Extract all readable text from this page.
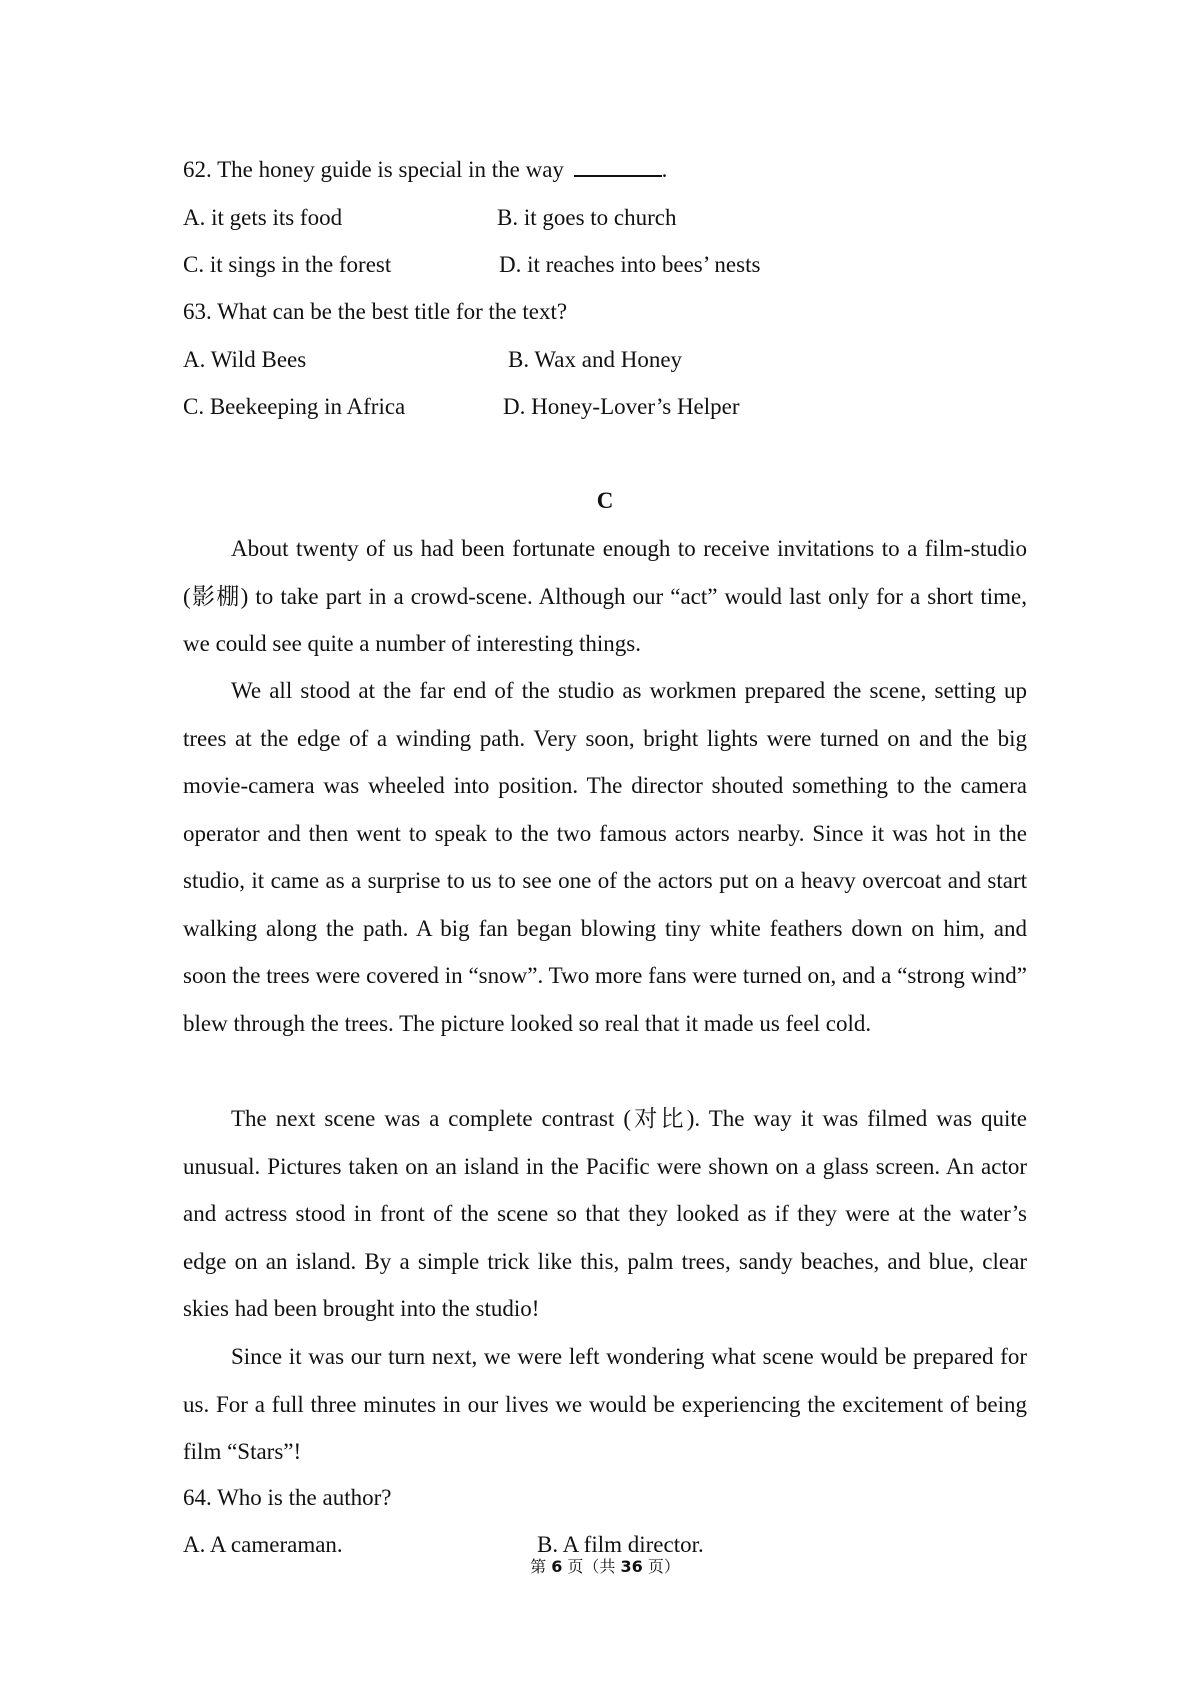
62. The honey guide is special in the way	.
A. it gets its food	B. it goes to church
C. it sings in the forest	D. it reaches into bees’ nests
63. What can be the best title for the text?
A. Wild Bees	B. Wax and Honey
C. Beekeeping in Africa	D. Honey-Lover’s Helper
C

About twenty of us had been fortunate enough to receive invitations to a film-studio (影棚) to take part in a crowd-scene. Although our “act” would last only for a short time, we could see quite a number of interesting things.

We all stood at the far end of the studio as workmen prepared the scene, setting up trees at the edge of a winding path. Very soon, bright lights were turned on and the big movie-camera was wheeled into position. The director shouted something to the camera operator and then went to speak to the two famous actors nearby. Since it was hot in the studio, it came as a surprise to us to see one of the actors put on a heavy overcoat and start walking along the path. A big fan began blowing tiny white feathers down on him, and soon the trees were covered in “snow”. Two more fans were turned on, and a “strong wind” blew through the trees. The picture looked so real that it made us feel cold.

The next scene was a complete contrast (对比). The way it was filmed was quite unusual. Pictures taken on an island in the Pacific were shown on a glass screen. An actor and actress stood in front of the scene so that they looked as if they were at the water’s edge on an island. By a simple trick like this, palm trees, sandy beaches, and blue, clear skies had been brought into the studio!

Since it was our turn next, we were left wondering what scene would be prepared for us. For a full three minutes in our lives we would be experiencing the excitement of being film “Stars”!

64. Who is the author?
A. A cameraman.	B. A film director.
第 6 页（共 36 页）
